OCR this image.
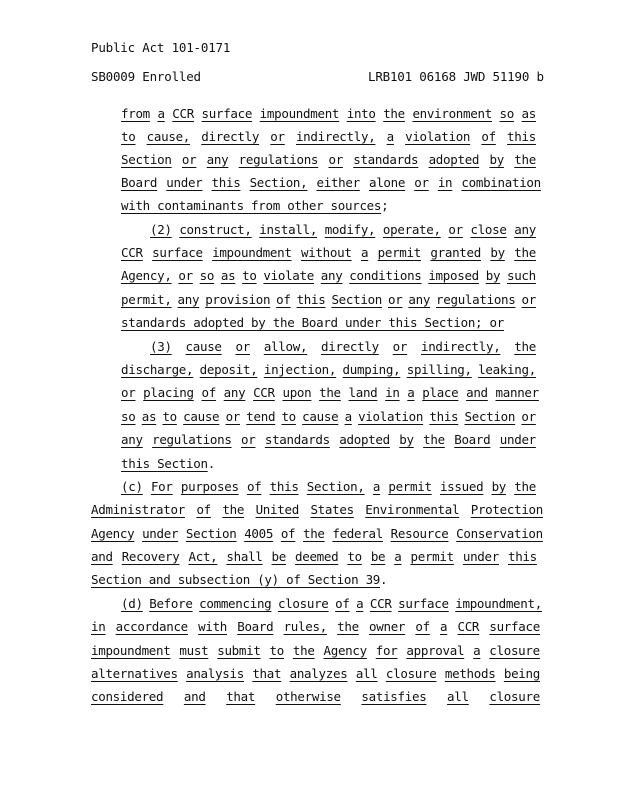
Public Act 101-0171
SB0009 Enrolled	LRB101 06168 JWD 51190 b
from a CCR surface impoundment into the environment so as
to cause, directly or indirectly, a violation of this
Section or any regulations or standards adopted by the
Board under this Section, either alone or in combination
with contaminants from other sources;
(2) construct, install, modify, operate, or close any
CCR surface impoundment without a permit granted by the
Agency, or so as to violate any conditions imposed by such
permit, any provision of this Section or any regulations or
standards adopted by the Board under this Section; or
(3) cause or allow, directly or indirectly, the
discharge, deposit, injection, dumping, spilling, leaking,
or placing of any CCR upon the land in a place and manner
so as to cause or tend to cause a violation this Section or
any regulations or standards adopted by the Board under
this Section.
(c) For purposes of this Section, a permit issued by the
Administrator of the United States Environmental Protection
Agency under Section 4005 of the federal Resource Conservation
and Recovery Act, shall be deemed to be a permit under this
Section and subsection (y) of Section 39.
(d) Before commencing closure of a CCR surface impoundment,
in accordance with Board rules, the owner of a CCR surface
impoundment must submit to the Agency for approval a closure
alternatives analysis that analyzes all closure methods being
considered and that otherwise satisfies all closure
